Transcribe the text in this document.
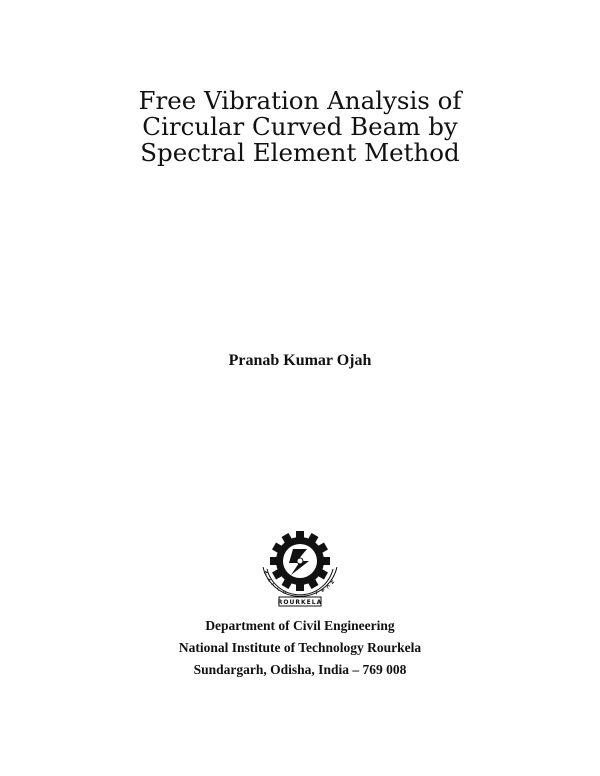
Free Vibration Analysis of
Circular Curved Beam by
Spectral Element Method
Pranab Kumar Ojah
N
A
T
I O	T E
C
H
.
ROURKELA
Department of Civil Engineering
National Institute of Technology Rourkela
Sundargarh, Odisha, India – 769 008
